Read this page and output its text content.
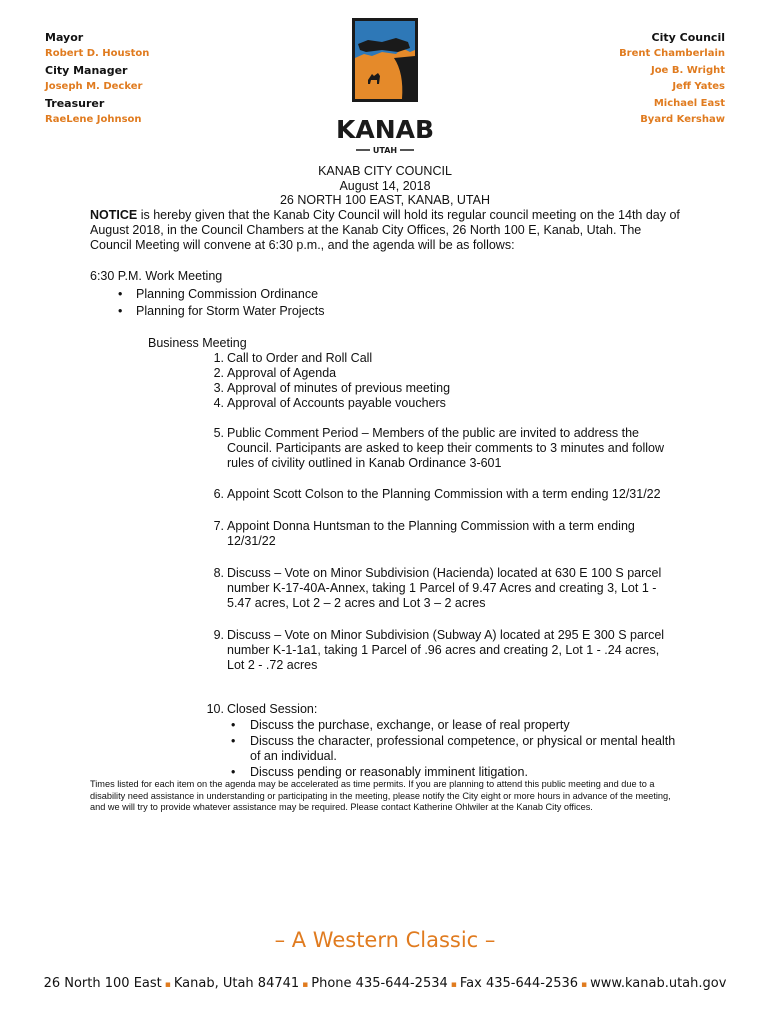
Mayor
Robert D. Houston
City Manager
Joseph M. Decker
Treasurer
RaeLene Johnson
City Council
Brent Chamberlain
Joe B. Wright
Jeff Yates
Michael East
Byard Kershaw
KANAB
UTAH
KANAB CITY COUNCIL
August 14, 2018
26 NORTH 100 EAST, KANAB, UTAH
NOTICE is hereby given that the Kanab City Council will hold its regular council meeting on the 14th day of August 2018, in the Council Chambers at the Kanab City Offices, 26 North 100 E, Kanab, Utah. The Council Meeting will convene at 6:30 p.m., and the agenda will be as follows:
6:30 P.M. Work Meeting
• Planning Commission Ordinance
• Planning for Storm Water Projects
Business Meeting
1. Call to Order and Roll Call
2. Approval of Agenda
3. Approval of minutes of previous meeting
4. Approval of Accounts payable vouchers
5. Public Comment Period – Members of the public are invited to address the Council. Participants are asked to keep their comments to 3 minutes and follow rules of civility outlined in Kanab Ordinance 3-601
6. Appoint Scott Colson to the Planning Commission with a term ending 12/31/22
7. Appoint Donna Huntsman to the Planning Commission with a term ending 12/31/22
8. Discuss – Vote on Minor Subdivision (Hacienda) located at 630 E 100 S parcel number K-17-40A-Annex, taking 1 Parcel of 9.47 Acres and creating 3, Lot 1 - 5.47 acres, Lot 2 – 2 acres and Lot 3 – 2 acres
9. Discuss – Vote on Minor Subdivision (Subway A) located at 295 E 300 S parcel number K-1-1a1, taking 1 Parcel of .96 acres and creating 2, Lot 1 - .24 acres, Lot 2 - .72 acres
10. Closed Session:
• Discuss the purchase, exchange, or lease of real property
• Discuss the character, professional competence, or physical or mental health of an individual.
• Discuss pending or reasonably imminent litigation.
Times listed for each item on the agenda may be accelerated as time permits. If you are planning to attend this public meeting and due to a disability need assistance in understanding or participating in the meeting, please notify the City eight or more hours in advance of the meeting, and we will try to provide whatever assistance may be required. Please contact Katherine Ohlwiler at the Kanab City offices.
– A Western Classic –
26 North 100 East ▪ Kanab, Utah 84741 ▪ Phone 435-644-2534 ▪ Fax 435-644-2536 ▪ www.kanab.utah.gov
